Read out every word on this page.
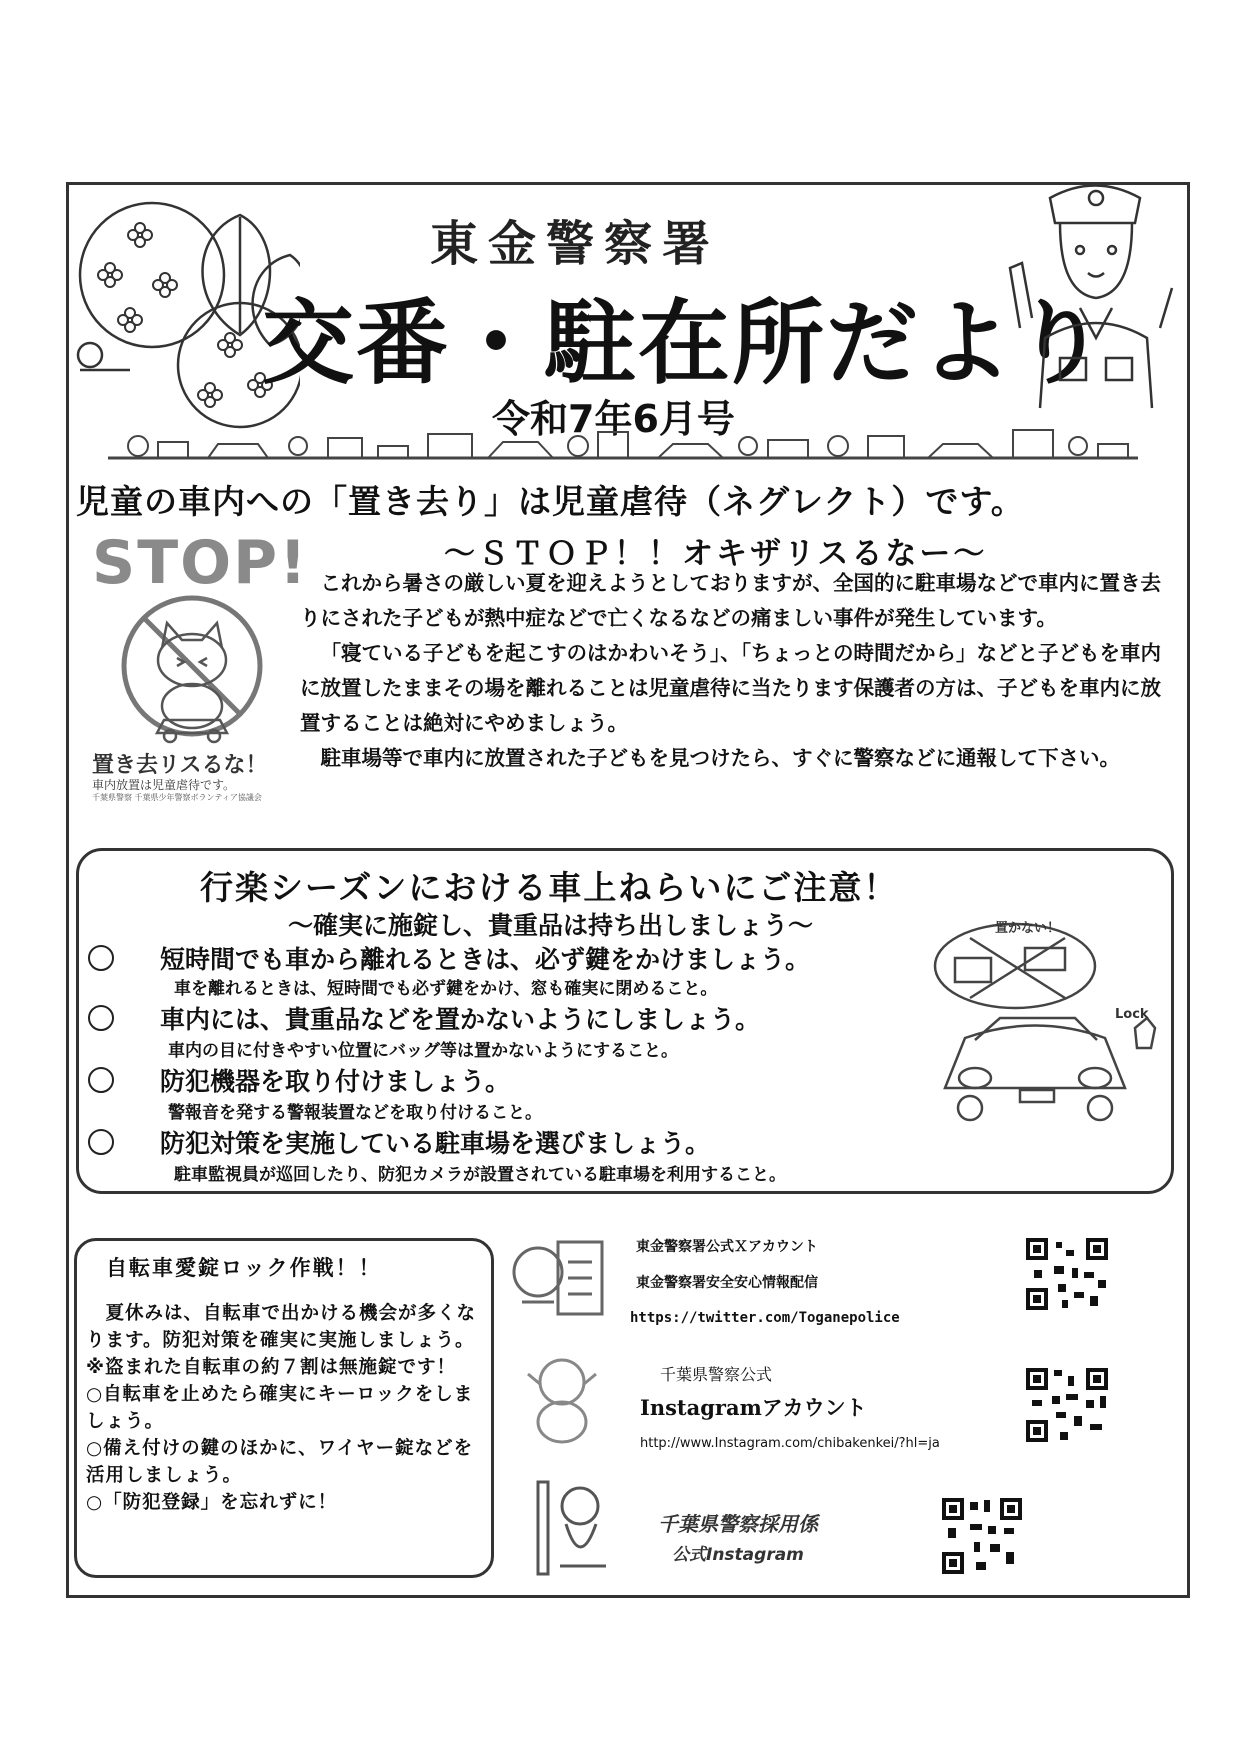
東金警察署
交番・駐在所だより
令和7年6月号
児童の車内への「置き去り」は児童虐待（ネグレクト）です。
～ＳＴＯＰ！！オキザリスるなー～
STOP!
置き去リスるな！
車内放置は児童虐待です。
千葉県警察 千葉県少年警察ボランティア協議会

これから暑さの厳しい夏を迎えようとしておりますが、全国的に駐車場などで車内に置き去りにされた子どもが熱中症などで亡くなるなどの痛ましい事件が発生しています。

「寝ている子どもを起こすのはかわいそう」、「ちょっとの時間だから」などと子どもを車内に放置したままその場を離れることは児童虐待に当たります保護者の方は、子どもを車内に放置することは絶対にやめましょう。

駐車場等で車内に放置された子どもを見つけたら、すぐに警察などに通報して下さい。

行楽シーズンにおける車上ねらいにご注意！
～確実に施錠し、貴重品は持ち出しましょう～
短時間でも車から離れるときは、必ず鍵をかけましょう。
車を離れるときは、短時間でも必ず鍵をかけ、窓も確実に閉めること。
車内には、貴重品などを置かないようにしましょう。
車内の目に付きやすい位置にバッグ等は置かないようにすること。
防犯機器を取り付けましょう。
警報音を発する警報装置などを取り付けること。
防犯対策を実施している駐車場を選びましょう。
駐車監視員が巡回したり、防犯カメラが設置されている駐車場を利用すること。
置かない！
Lock
自転車愛錠ロック作戦！！

　夏休みは、自転車で出かける機会が多くなります。防犯対策を確実に実施しましょう。

※盗まれた自転車の約７割は無施錠です！

○自転車を止めたら確実にキーロックをしましょう。

○備え付けの鍵のほかに、ワイヤー錠などを活用しましょう。

○「防犯登録」を忘れずに！

東金警察署公式Ｘアカウント
東金警察署安全安心情報配信
https://twitter.com/Toganepolice
千葉県警察公式
Instagramアカウント
http://www.Instagram.com/chibakenkei/?hl=ja
千葉県警察採用係
公式Instagram
